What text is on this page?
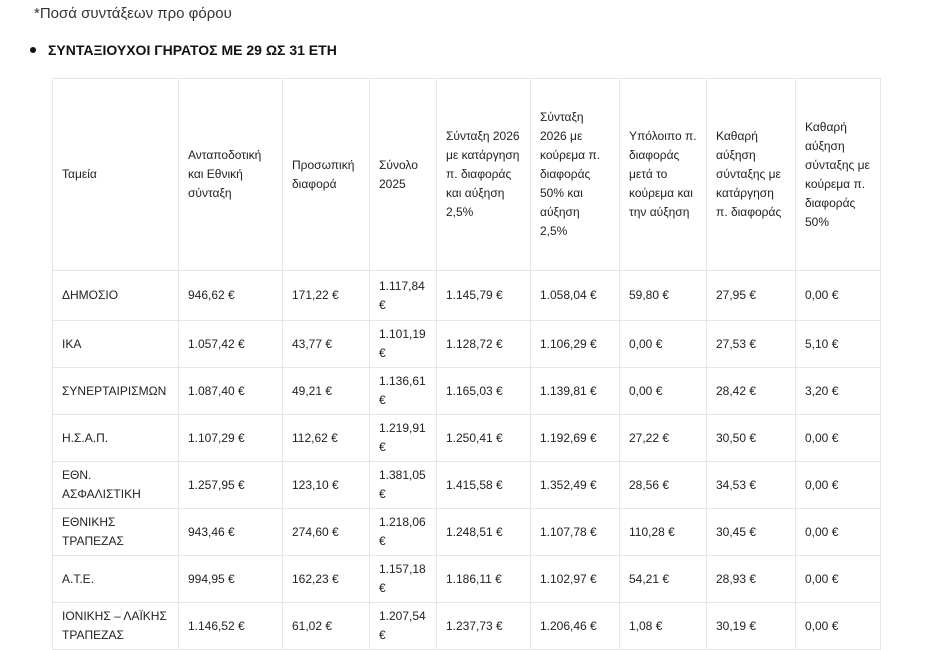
*Ποσά συντάξεων προ φόρου
ΣΥΝΤΑΞΙΟΥΧΟΙ ΓΗΡΑΤΟΣ ΜΕ 29 ΩΣ 31 ΕΤΗ
Ταμεία	Ανταποδοτική και Εθνική σύνταξη	Προσωπική διαφορά	Σύνολο 2025	Σύνταξη 2026 με κατάργηση π. διαφοράς και αύξηση 2,5%	Σύνταξη 2026 με κούρεμα π. διαφοράς 50% και αύξηση 2,5%	Υπόλοιπο π. διαφοράς μετά το κούρεμα και την αύξηση	Καθαρή αύξηση σύνταξης με κατάργηση π. διαφοράς	Καθαρή αύξηση σύνταξης με κούρεμα π. διαφοράς 50%
ΔΗΜΟΣΙΟ	946,62 €	171,22 €	1.117,84 €	1.145,79 €	1.058,04 €	59,80 €	27,95 €	0,00 €
ΙΚΑ	1.057,42 €	43,77 €	1.101,19 €	1.128,72 €	1.106,29 €	0,00 €	27,53 €	5,10 €
ΣΥΝΕΡΤΑΙΡΙΣΜΩΝ	1.087,40 €	49,21 €	1.136,61 €	1.165,03 €	1.139,81 €	0,00 €	28,42 €	3,20 €
Η.Σ.Α.Π.	1.107,29 €	112,62 €	1.219,91 €	1.250,41 €	1.192,69 €	27,22 €	30,50 €	0,00 €
ΕΘΝ. ΑΣΦΑΛΙΣΤΙΚΗ	1.257,95 €	123,10 €	1.381,05 €	1.415,58 €	1.352,49 €	28,56 €	34,53 €	0,00 €
ΕΘΝΙΚΗΣ ΤΡΑΠΕΖΑΣ	943,46 €	274,60 €	1.218,06 €	1.248,51 €	1.107,78 €	110,28 €	30,45 €	0,00 €
Α.Τ.Ε.	994,95 €	162,23 €	1.157,18 €	1.186,11 €	1.102,97 €	54,21 €	28,93 €	0,00 €
ΙΟΝΙΚΗΣ – ΛΑΪΚΗΣ ΤΡΑΠΕΖΑΣ	1.146,52 €	61,02 €	1.207,54 €	1.237,73 €	1.206,46 €	1,08 €	30,19 €	0,00 €
